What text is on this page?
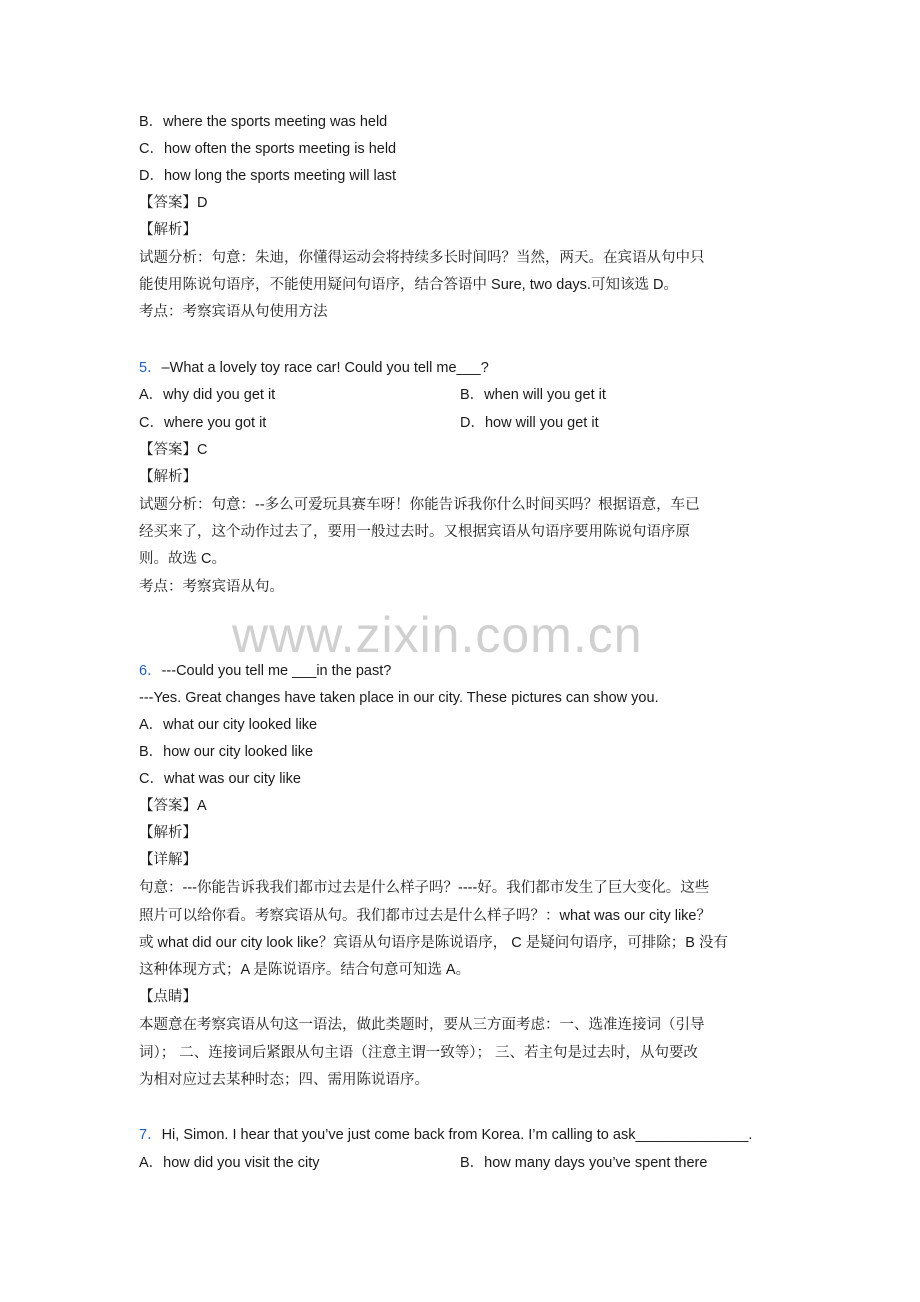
B．where the sports meeting was held
C．how often the sports meeting is held
D．how long the sports meeting will last
【答案】D
【解析】
试题分析：句意：朱迪，你懂得运动会将持续多长时间吗？当然，两天。在宾语从句中只
能使用陈说句语序，不能使用疑问句语序，结合答语中 Sure, two days.可知该选 D。
考点：考察宾语从句使用方法
5．–What a lovely toy race car! Could you tell me___?
A．why did you get it	B．when will you get it
C．where you got it	D．how will you get it
【答案】C
【解析】
试题分析：句意：--多么可爱玩具赛车呀！你能告诉我你什么时间买吗？根据语意，车已
经买来了，这个动作过去了，要用一般过去时。又根据宾语从句语序要用陈说句语序原
则。故选 C。
考点：考察宾语从句。
www.zixin.com.cn
6．---Could you tell me ___in the past?
---Yes. Great changes have taken place in our city. These pictures can show you.
A．what our city looked like
B．how our city looked like
C．what was our city like
【答案】A
【解析】
【详解】
句意：---你能告诉我我们都市过去是什么样子吗？----好。我们都市发生了巨大变化。这些
照片可以给你看。考察宾语从句。我们都市过去是什么样子吗？：what was our city like？
或 what did our city look like？宾语从句语序是陈说语序， C 是疑问句语序，可排除；B 没有
这种体现方式；A 是陈说语序。结合句意可知选 A。
【点睛】
本题意在考察宾语从句这一语法，做此类题时，要从三方面考虑：一、选准连接词（引导
词）； 二、连接词后紧跟从句主语（注意主谓一致等）； 三、若主句是过去时，从句要改
为相对应过去某种时态；四、需用陈说语序。
7．Hi, Simon. I hear that you’ve just come back from Korea. I’m calling to ask______________.
A．how did you visit the city	B．how many days you’ve spent there
